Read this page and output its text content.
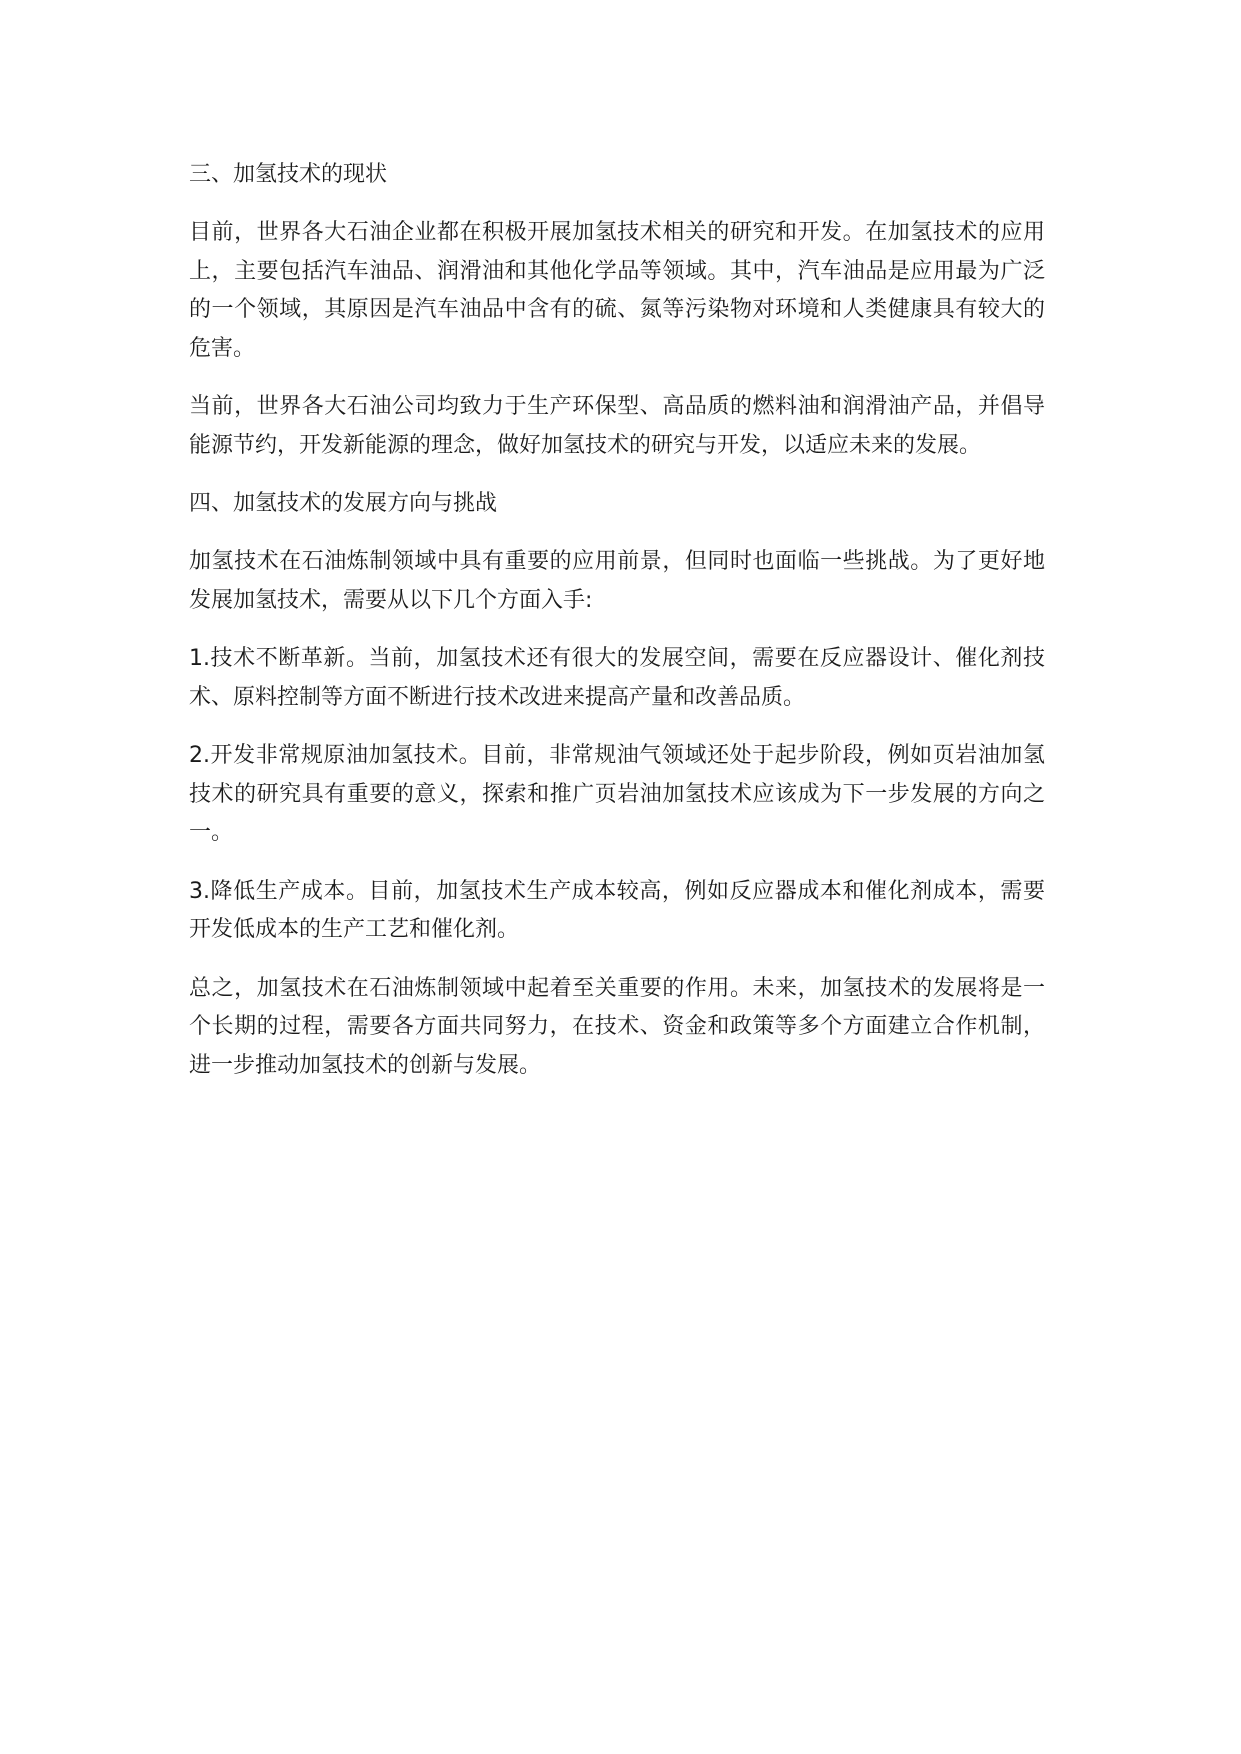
三、加氢技术的现状

目前，世界各大石油企业都在积极开展加氢技术相关的研究和开发。在加氢技术的应用上，主要包括汽车油品、润滑油和其他化学品等领域。其中，汽车油品是应用最为广泛的一个领域，其原因是汽车油品中含有的硫、氮等污染物对环境和人类健康具有较大的危害。

当前，世界各大石油公司均致力于生产环保型、高品质的燃料油和润滑油产品，并倡导能源节约，开发新能源的理念，做好加氢技术的研究与开发，以适应未来的发展。

四、加氢技术的发展方向与挑战

加氢技术在石油炼制领域中具有重要的应用前景，但同时也面临一些挑战。为了更好地发展加氢技术，需要从以下几个方面入手:

1.技术不断革新。当前，加氢技术还有很大的发展空间，需要在反应器设计、催化剂技术、原料控制等方面不断进行技术改进来提高产量和改善品质。

2.开发非常规原油加氢技术。目前，非常规油气领域还处于起步阶段，例如页岩油加氢技术的研究具有重要的意义，探索和推广页岩油加氢技术应该成为下一步发展的方向之一。

3.降低生产成本。目前，加氢技术生产成本较高，例如反应器成本和催化剂成本，需要开发低成本的生产工艺和催化剂。

总之，加氢技术在石油炼制领域中起着至关重要的作用。未来，加氢技术的发展将是一个长期的过程，需要各方面共同努力，在技术、资金和政策等多个方面建立合作机制，进一步推动加氢技术的创新与发展。
